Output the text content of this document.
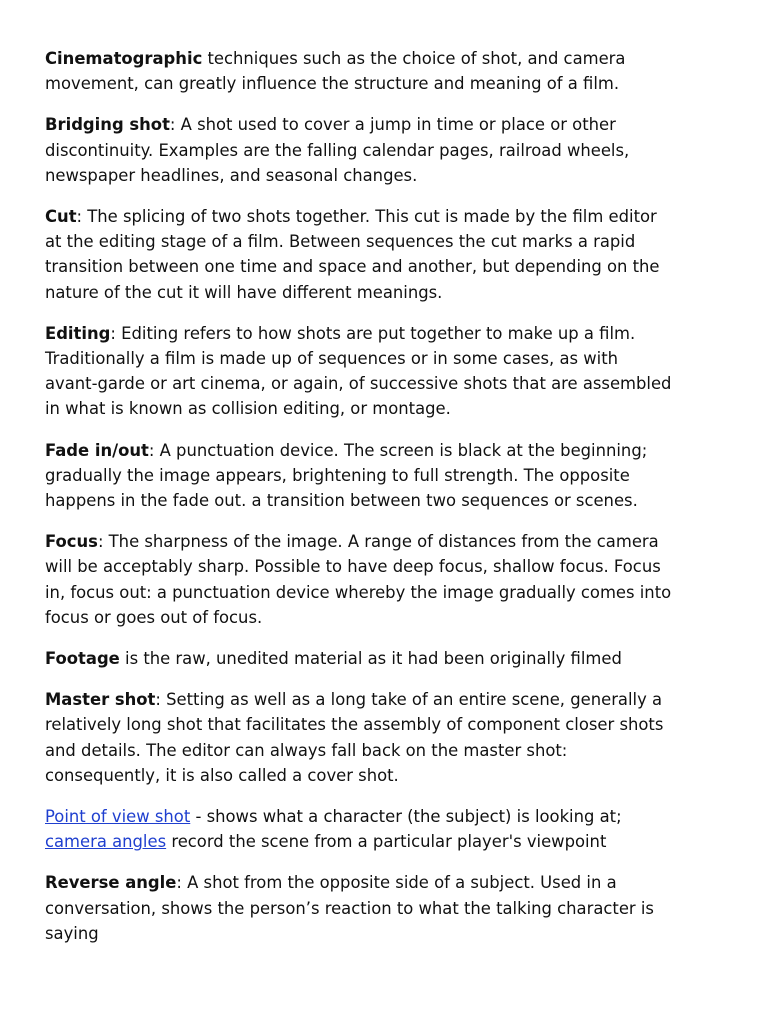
Cinematographic techniques such as the choice of shot, and camera
movement, can greatly influence the structure and meaning of a film.

Bridging shot: A shot used to cover a jump in time or place or other
discontinuity. Examples are the falling calendar pages, railroad wheels,
newspaper headlines, and seasonal changes.

Cut: The splicing of two shots together. This cut is made by the film editor
at the editing stage of a film. Between sequences the cut marks a rapid
transition between one time and space and another, but depending on the
nature of the cut it will have different meanings.

Editing: Editing refers to how shots are put together to make up a film.
Traditionally a film is made up of sequences or in some cases, as with
avant-garde or art cinema, or again, of successive shots that are assembled
in what is known as collision editing, or montage.

Fade in/out: A punctuation device. The screen is black at the beginning;
gradually the image appears, brightening to full strength. The opposite
happens in the fade out. a transition between two sequences or scenes.

Focus: The sharpness of the image. A range of distances from the camera
will be acceptably sharp. Possible to have deep focus, shallow focus. Focus
in, focus out: a punctuation device whereby the image gradually comes into
focus or goes out of focus.

Footage is the raw, unedited material as it had been originally filmed

Master shot: Setting as well as a long take of an entire scene, generally a
relatively long shot that facilitates the assembly of component closer shots
and details. The editor can always fall back on the master shot:
consequently, it is also called a cover shot.

Point of view shot - shows what a character (the subject) is looking at;
camera angles record the scene from a particular player's viewpoint

Reverse angle: A shot from the opposite side of a subject. Used in a
conversation, shows the person’s reaction to what the talking character is
saying
